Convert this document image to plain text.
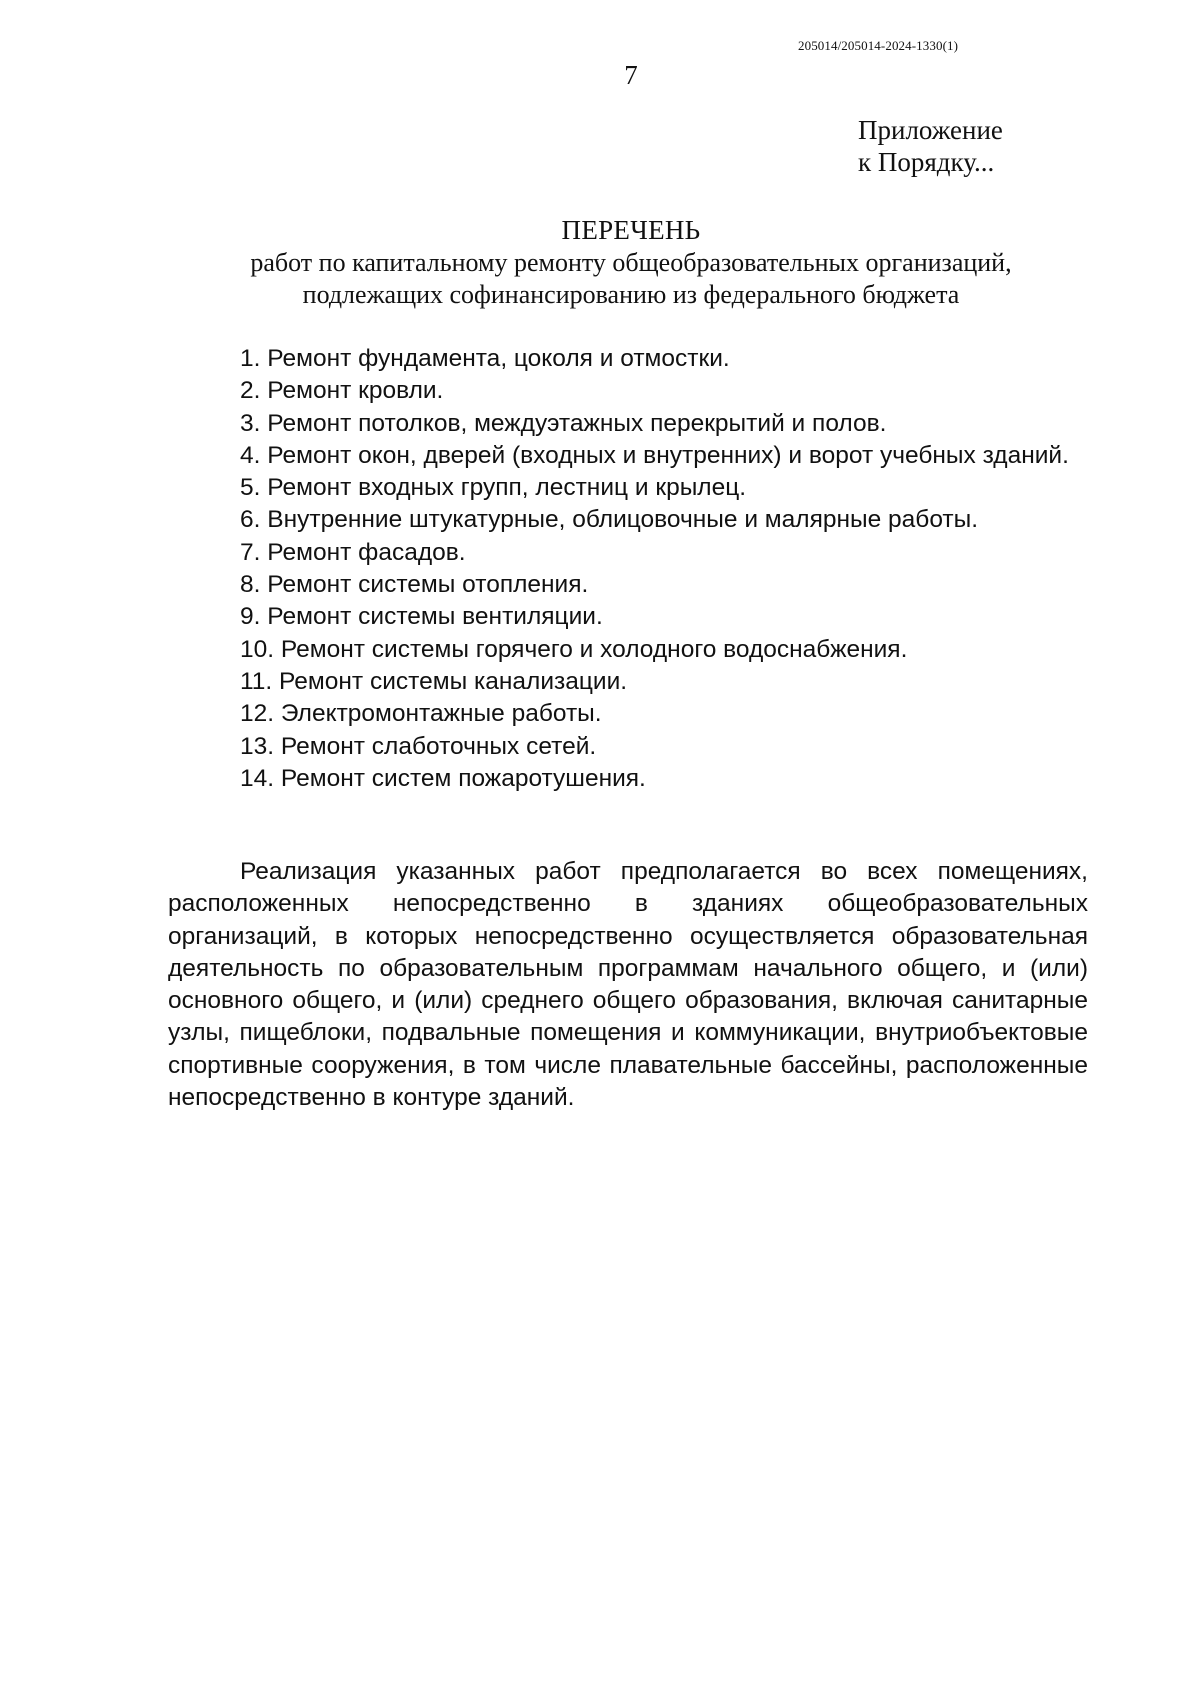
205014/205014-2024-1330(1)
7
Приложение
к Порядку...
ПЕРЕЧЕНЬ
работ по капитальному ремонту общеобразовательных организаций,
подлежащих софинансированию из федерального бюджета
1. Ремонт фундамента, цоколя и отмостки.
2. Ремонт кровли.
3. Ремонт потолков, междуэтажных перекрытий и полов.
4. Ремонт окон, дверей (входных и внутренних) и ворот учебных зданий.
5. Ремонт входных групп, лестниц и крылец.
6. Внутренние штукатурные, облицовочные и малярные работы.
7. Ремонт фасадов.
8. Ремонт системы отопления.
9. Ремонт системы вентиляции.
10. Ремонт системы горячего и холодного водоснабжения.
11. Ремонт системы канализации.
12. Электромонтажные работы.
13. Ремонт слаботочных сетей.
14. Ремонт систем пожаротушения.
Реализация указанных работ предполагается во всех помещениях, расположенных непосредственно в зданиях общеобразовательных организаций, в которых непосредственно осуществляется образовательная деятельность по образовательным программам начального общего, и (или) основного общего, и (или) среднего общего образования, включая санитарные узлы, пищеблоки, подвальные помещения и коммуникации, внутриобъектовые спортивные сооружения, в том числе плавательные бассейны, расположенные непосредственно в контуре зданий.
